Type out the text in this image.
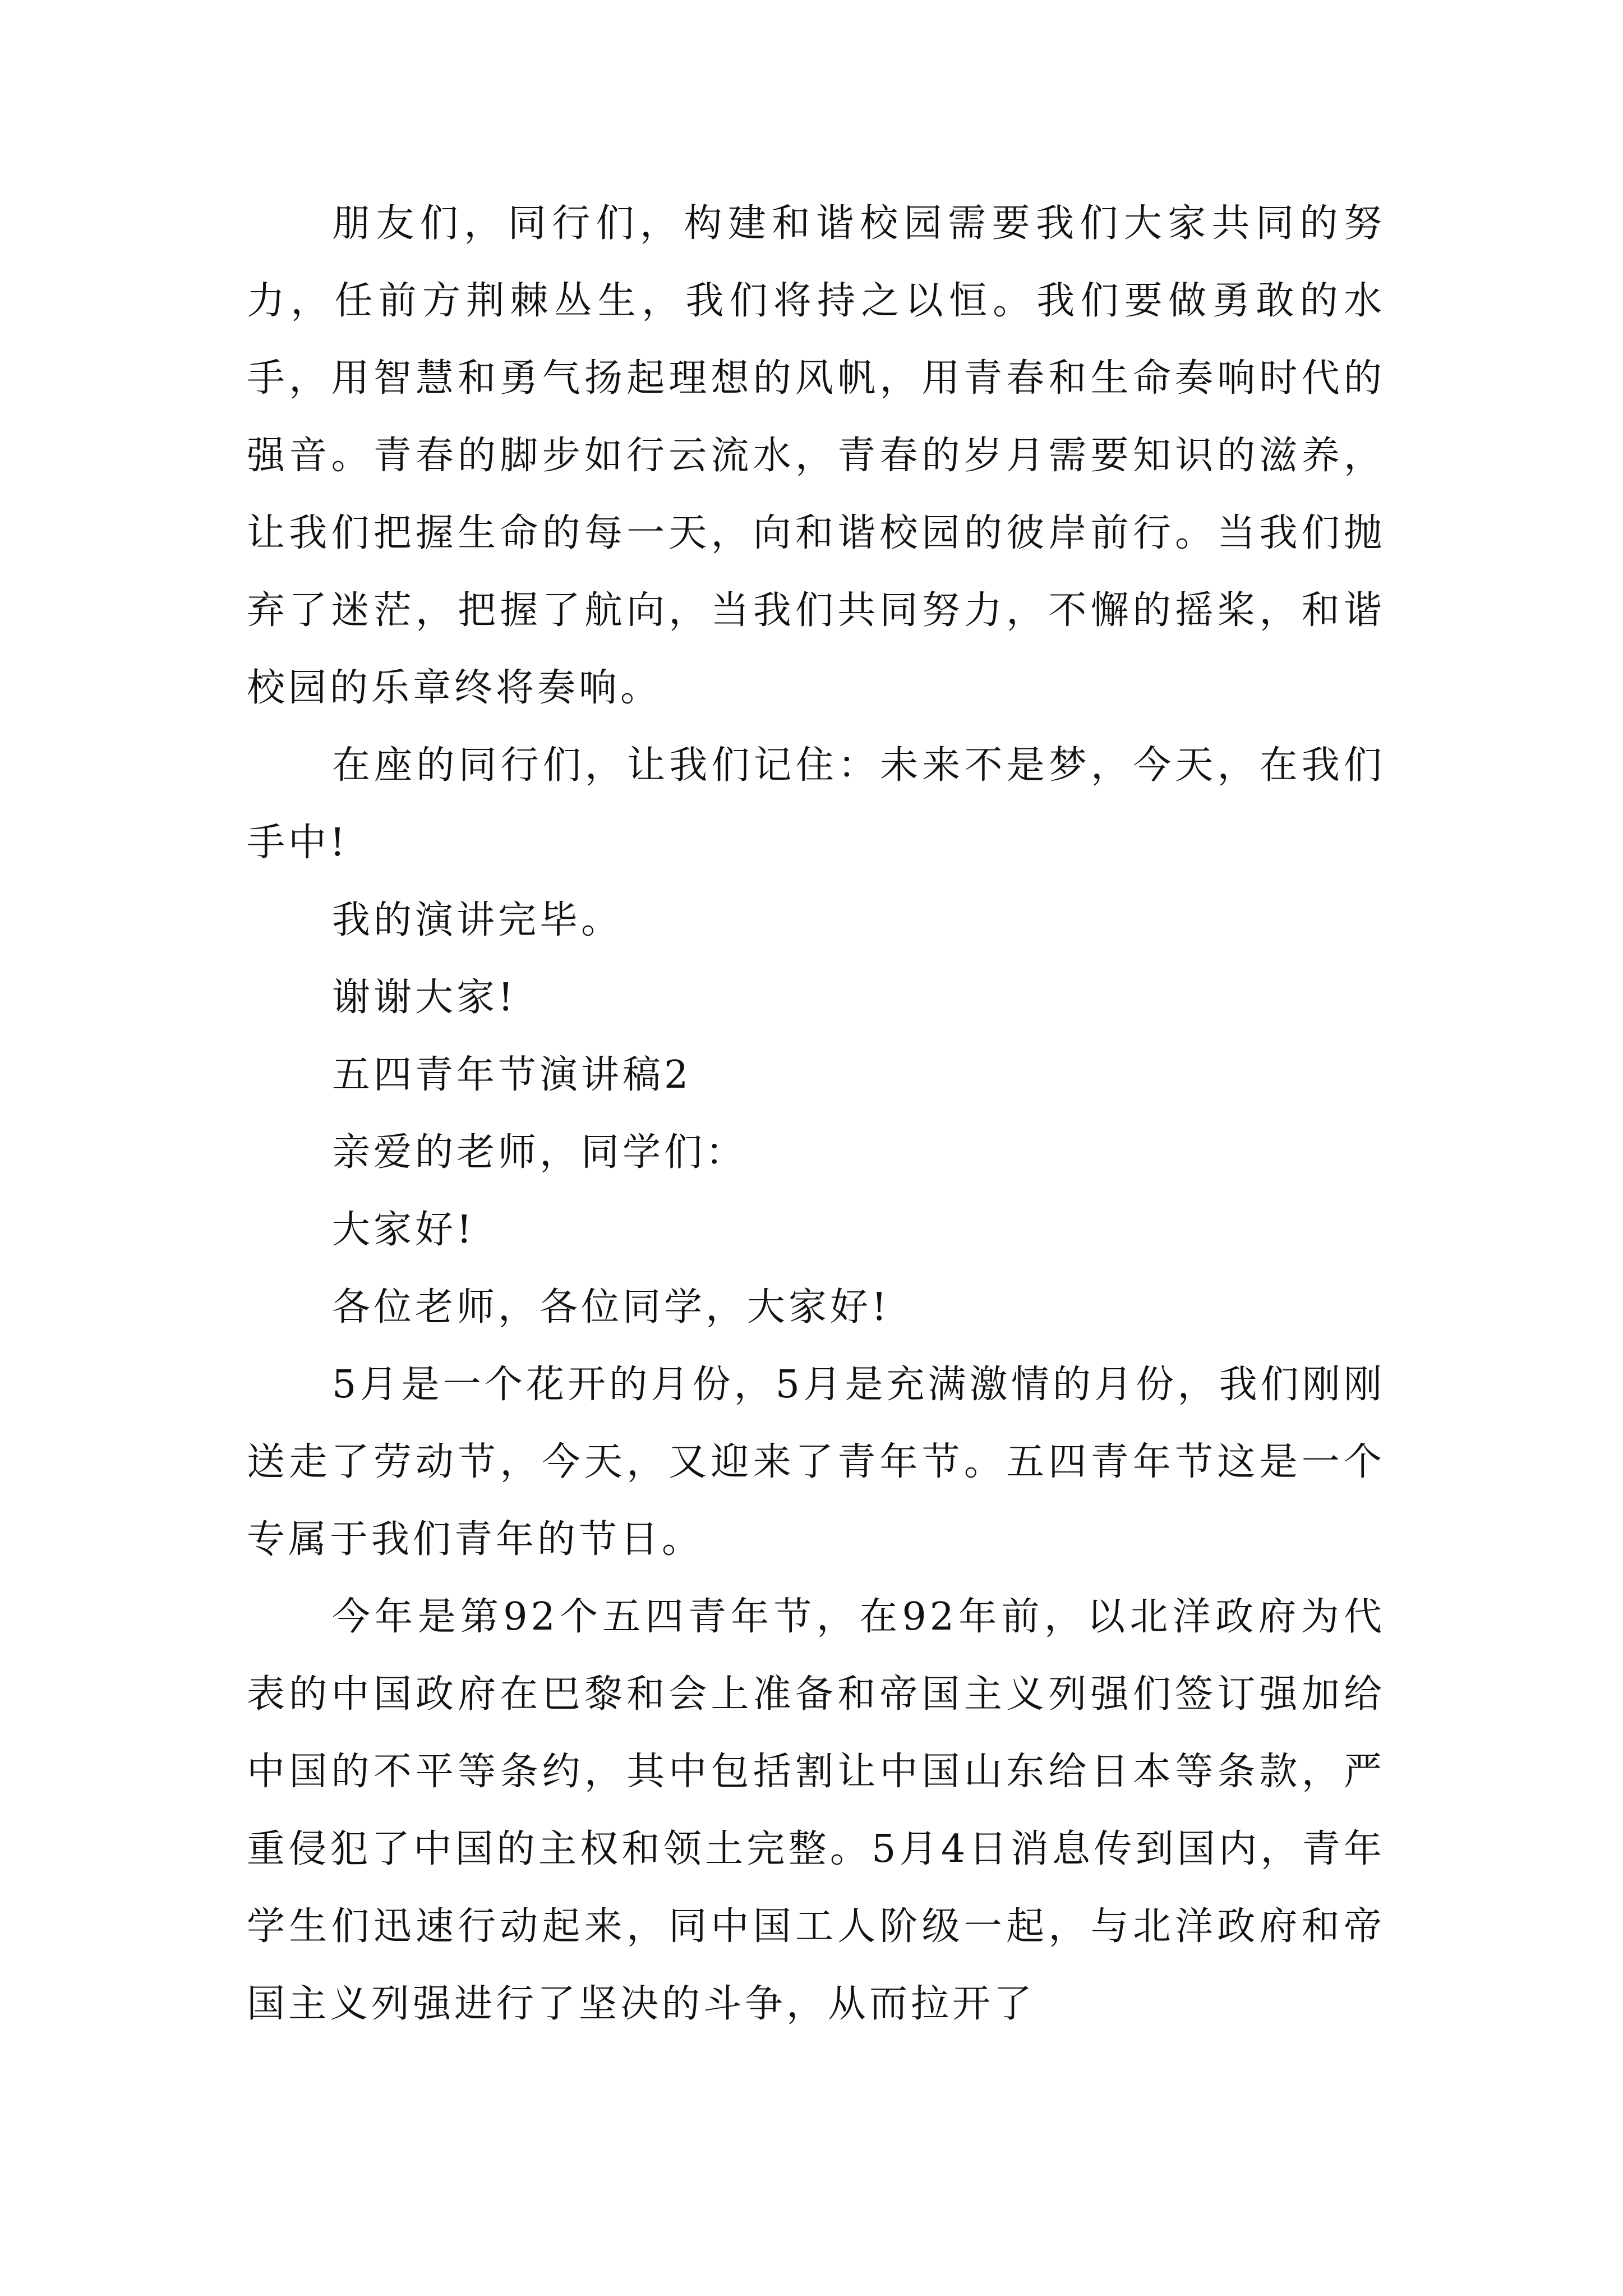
朋友们，同行们，构建和谐校园需要我们大家共同的努力，任前方荆棘丛生，我们将持之以恒。我们要做勇敢的水手，用智慧和勇气扬起理想的风帆，用青春和生命奏响时代的强音。青春的脚步如行云流水，青春的岁月需要知识的滋养，让我们把握生命的每一天，向和谐校园的彼岸前行。当我们抛弃了迷茫，把握了航向，当我们共同努力，不懈的摇桨，和谐校园的乐章终将奏响。

在座的同行们，让我们记住：未来不是梦，今天，在我们手中!

我的演讲完毕。

谢谢大家!

五四青年节演讲稿2

亲爱的老师，同学们：

大家好!

各位老师，各位同学，大家好!

5月是一个花开的月份，5月是充满激情的月份，我们刚刚送走了劳动节，今天，又迎来了青年节。五四青年节这是一个专属于我们青年的节日。

今年是第92个五四青年节，在92年前，以北洋政府为代表的中国政府在巴黎和会上准备和帝国主义列强们签订强加给中国的不平等条约，其中包括割让中国山东给日本等条款，严重侵犯了中国的主权和领土完整。5月4日消息传到国内，青年学生们迅速行动起来，同中国工人阶级一起，与北洋政府和帝国主义列强进行了坚决的斗争，从而拉开了
